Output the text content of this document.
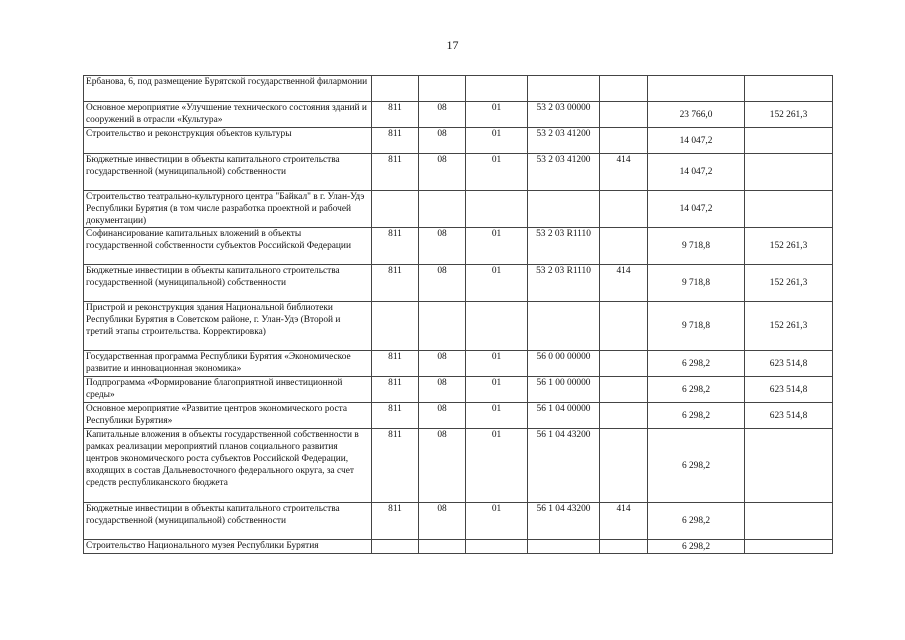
17
Ербанова, 6, под размещение Бурятской государственной филармонии							
Основное мероприятие «Улучшение технического состояния зданий и сооружений в отрасли «Культура»	811	08	01	53 2 03 00000		23 766,0	152 261,3
Строительство и реконструкция объектов культуры	811	08	01	53 2 03 41200		14 047,2	
Бюджетные инвестиции в объекты капитального строительства государственной (муниципальной) собственности	811	08	01	53 2 03 41200	414	14 047,2	
Строительство театрально-культурного центра "Байкал" в г. Улан-Удэ Республики Бурятия (в том числе разработка проектной и рабочей документации)						14 047,2	
Софинансирование капитальных вложений в объекты государственной собственности субъектов Российской Федерации	811	08	01	53 2 03 R1110		9 718,8	152 261,3
Бюджетные инвестиции в объекты капитального строительства государственной (муниципальной) собственности	811	08	01	53 2 03 R1110	414	9 718,8	152 261,3
Пристрой и реконструкция здания Национальной библиотеки Республики Бурятия в Советском районе, г. Улан-Удэ (Второй и третий этапы строительства. Корректировка)						9 718,8	152 261,3
Государственная программа Республики Бурятия «Экономическое развитие и инновационная экономика»	811	08	01	56 0 00 00000		6 298,2	623 514,8
Подпрограмма «Формирование благоприятной инвестиционной среды»	811	08	01	56 1 00 00000		6 298,2	623 514,8
Основное мероприятие «Развитие центров экономического роста Республики Бурятия»	811	08	01	56 1 04 00000		6 298,2	623 514,8
Капитальные вложения в объекты государственной собственности в рамках реализации мероприятий планов социального развития центров экономического роста субъектов Российской Федерации, входящих в состав Дальневосточного федерального округа, за счет средств республиканского бюджета	811	08	01	56 1 04 43200		6 298,2	
Бюджетные инвестиции в объекты капитального строительства государственной (муниципальной) собственности	811	08	01	56 1 04 43200	414	6 298,2	
Строительство Национального музея Республики Бурятия						6 298,2	
